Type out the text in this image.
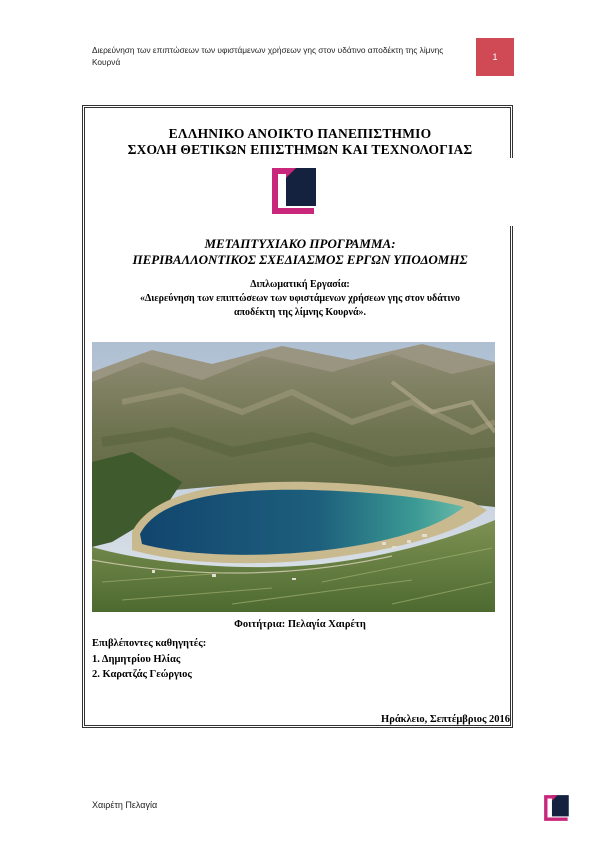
Διερεύνηση των επιπτώσεων των υφιστάμενων χρήσεων γης στον υδάτινο αποδέκτη της λίμνης Κουρνά	1
ΕΛΛΗΝΙΚΟ ΑΝΟΙΚΤΟ ΠΑΝΕΠΙΣΤΗΜΙΟ
ΣΧΟΛΗ ΘΕΤΙΚΩΝ ΕΠΙΣΤΗΜΩΝ ΚΑΙ ΤΕΧΝΟΛΟΓΙΑΣ
ΜΕΤΑΠΤΥΧΙΑΚΟ ΠΡΟΓΡΑΜΜΑ:
ΠΕΡΙΒΑΛΛΟΝΤΙΚΟΣ ΣΧΕΔΙΑΣΜΟΣ ΕΡΓΩΝ ΥΠΟΔΟΜΗΣ
Διπλωματική Εργασία:
«Διερεύνηση των επιπτώσεων των υφιστάμενων χρήσεων γης στον υδάτινο
αποδέκτη της λίμνης Κουρνά».
Φοιτήτρια: Πελαγία Χαιρέτη
Επιβλέποντες καθηγητές:
1. Δημητρίου Ηλίας
2. Καρατζάς Γεώργιος
Ηράκλειο, Σεπτέμβριος 2016
Χαιρέτη Πελαγία
